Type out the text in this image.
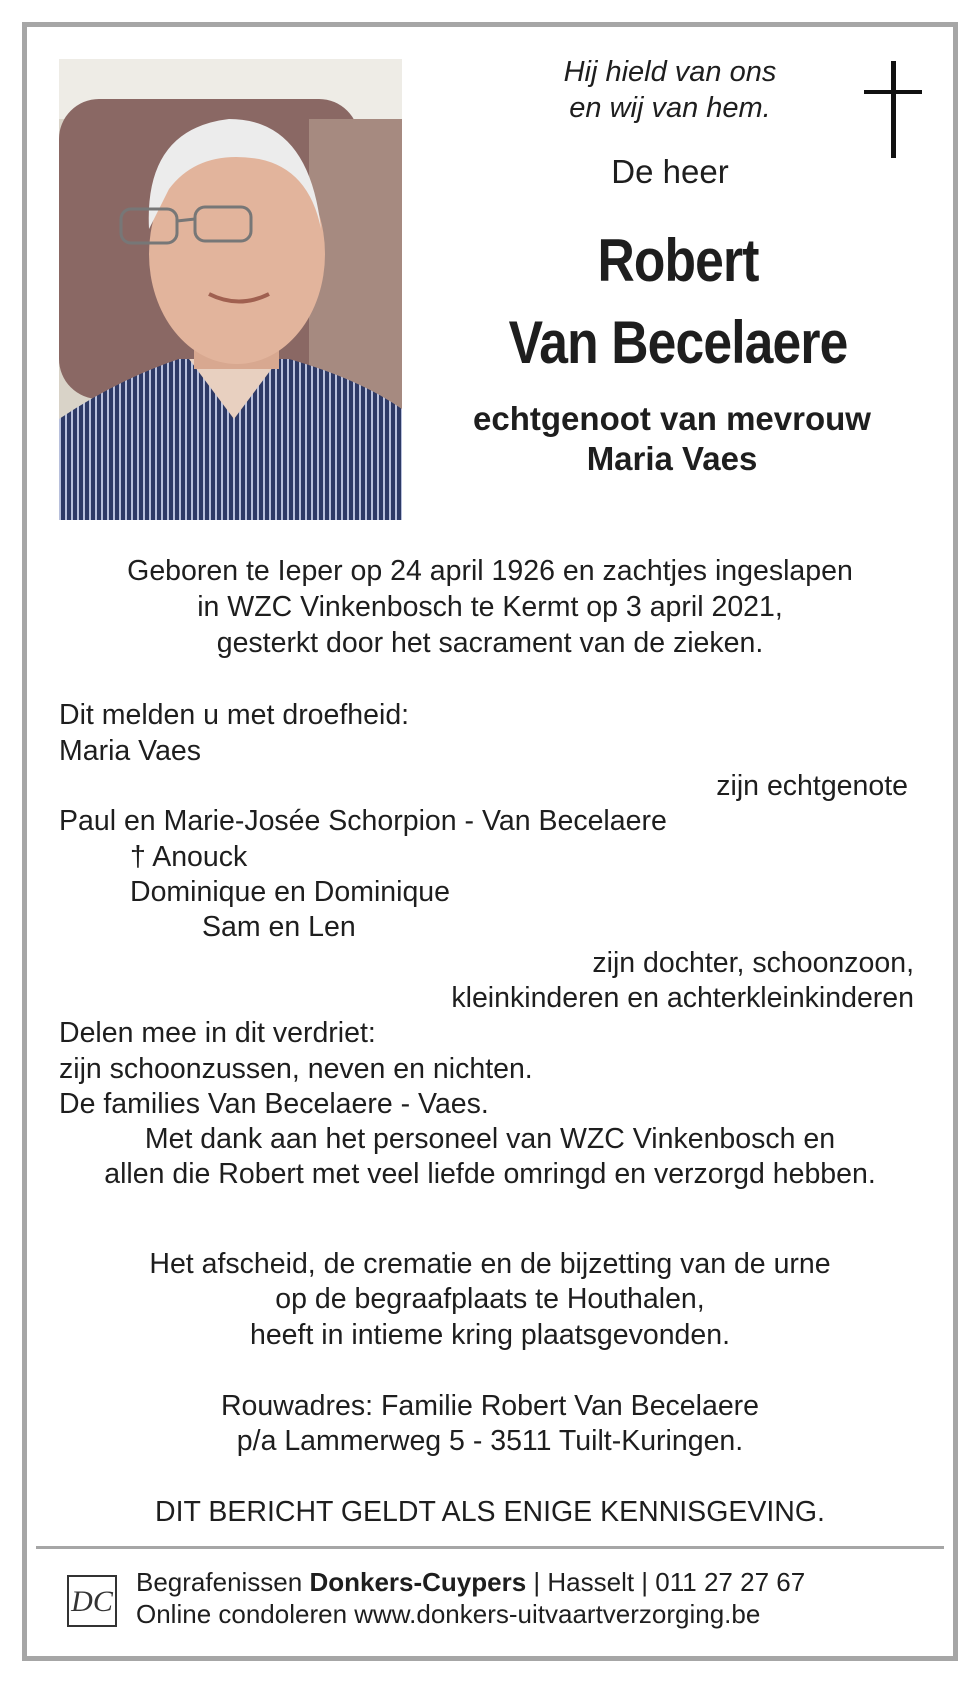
Hij hield van ons
en wij van hem.
De heer
Robert
Van Becelaere
echtgenoot van mevrouw
Maria Vaes
Geboren te Ieper op 24 april 1926 en zachtjes ingeslapen
in WZC Vinkenbosch te Kermt op 3 april 2021,
gesterkt door het sacrament van de zieken.
Dit melden u met droefheid:
Maria Vaes
zijn echtgenote
Paul en Marie-Josée Schorpion - Van Becelaere
† Anouck
Dominique en Dominique
Sam en Len
zijn dochter, schoonzoon,
kleinkinderen en achterkleinkinderen
Delen mee in dit verdriet:
zijn schoonzussen, neven en nichten.
De families Van Becelaere - Vaes.
Met dank aan het personeel van WZC Vinkenbosch en
allen die Robert met veel liefde omringd en verzorgd hebben.
Het afscheid, de crematie en de bijzetting van de urne
op de begraafplaats te Houthalen,
heeft in intieme kring plaatsgevonden.
Rouwadres: Familie Robert Van Becelaere
p/a Lammerweg 5 - 3511 Tuilt-Kuringen.
DIT BERICHT GELDT ALS ENIGE KENNISGEVING.
DC
Begrafenissen Donkers-Cuypers | Hasselt | 011 27 27 67
Online condoleren www.donkers-uitvaartverzorging.be
